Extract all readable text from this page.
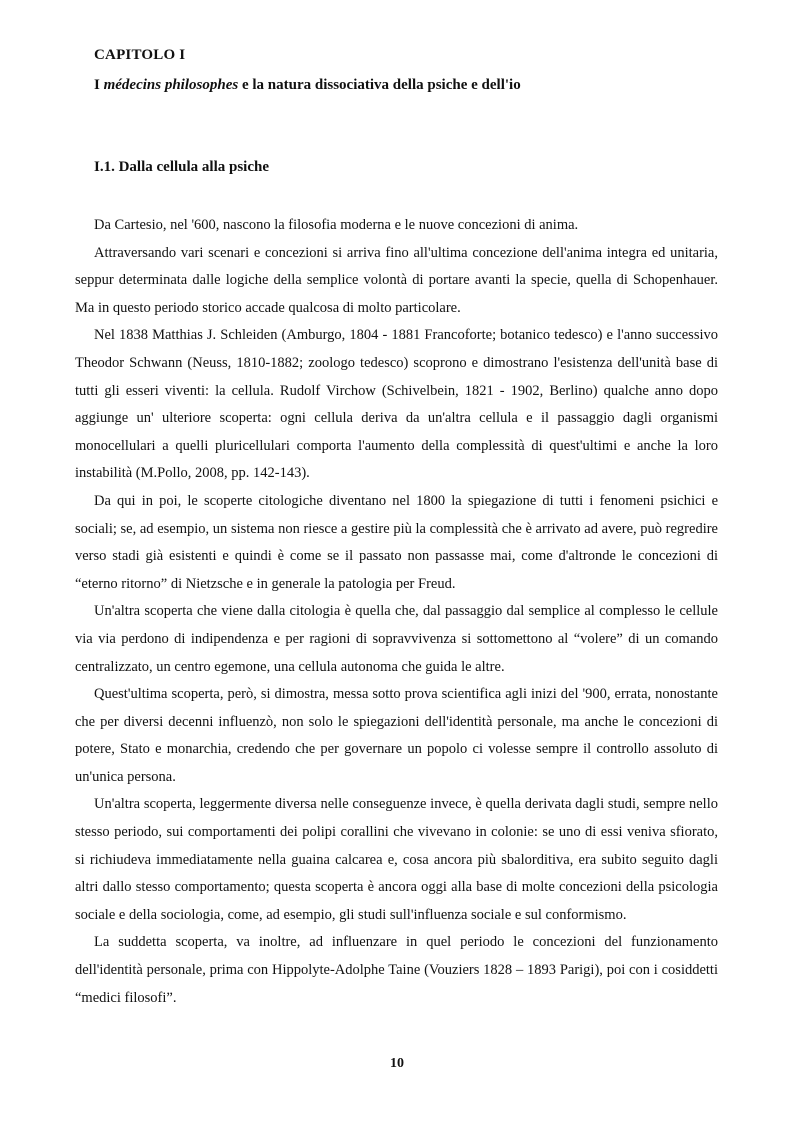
CAPITOLO I
I médecins philosophes e la natura dissociativa della psiche e dell'io
I.1. Dalla cellula alla psiche

Da Cartesio, nel '600, nascono la filosofia moderna e le nuove concezioni di anima.

Attraversando vari scenari e concezioni si arriva fino all'ultima concezione dell'anima integra ed unitaria, seppur determinata dalle logiche della semplice volontà di portare avanti la specie, quella di Schopenhauer. Ma in questo periodo storico accade qualcosa di molto particolare.

Nel 1838 Matthias J. Schleiden (Amburgo, 1804 - 1881 Francoforte; botanico tedesco) e l'anno successivo Theodor Schwann (Neuss, 1810-1882; zoologo tedesco) scoprono e dimostrano l'esistenza dell'unità base di tutti gli esseri viventi: la cellula. Rudolf Virchow (Schivelbein, 1821 - 1902, Berlino) qualche anno dopo aggiunge un' ulteriore scoperta: ogni cellula deriva da un'altra cellula e il passaggio dagli organismi monocellulari a quelli pluricellulari comporta l'aumento della complessità di quest'ultimi e anche la loro instabilità (M.Pollo, 2008, pp. 142-143).

Da qui in poi, le scoperte citologiche diventano nel 1800 la spiegazione di tutti i fenomeni psichici e sociali; se, ad esempio, un sistema non riesce a gestire più la complessità che è arrivato ad avere, può regredire verso stadi già esistenti e quindi è come se il passato non passasse mai, come d'altronde le concezioni di “eterno ritorno” di Nietzsche e in generale la patologia per Freud.

Un'altra scoperta che viene dalla citologia è quella che, dal passaggio dal semplice al complesso le cellule via via perdono di indipendenza e per ragioni di sopravvivenza si sottomettono al “volere” di un comando centralizzato, un centro egemone, una cellula autonoma che guida le altre.

Quest'ultima scoperta, però, si dimostra, messa sotto prova scientifica agli inizi del '900, errata, nonostante che per diversi decenni influenzò, non solo le spiegazioni dell'identità personale, ma anche le concezioni di potere, Stato e monarchia, credendo che per governare un popolo ci volesse sempre il controllo assoluto di un'unica persona.

Un'altra scoperta, leggermente diversa nelle conseguenze invece, è quella derivata dagli studi, sempre nello stesso periodo, sui comportamenti dei polipi corallini che vivevano in colonie: se uno di essi veniva sfiorato, si richiudeva immediatamente nella guaina calcarea e, cosa ancora più sbalorditiva, era subito seguito dagli altri dallo stesso comportamento; questa scoperta è ancora oggi alla base di molte concezioni della psicologia sociale e della sociologia, come, ad esempio, gli studi sull'influenza sociale e sul conformismo.

La suddetta scoperta, va inoltre, ad influenzare in quel periodo le concezioni del funzionamento dell'identità personale, prima con Hippolyte-Adolphe Taine (Vouziers 1828 – 1893 Parigi), poi con i cosiddetti “medici filosofi”.

10
